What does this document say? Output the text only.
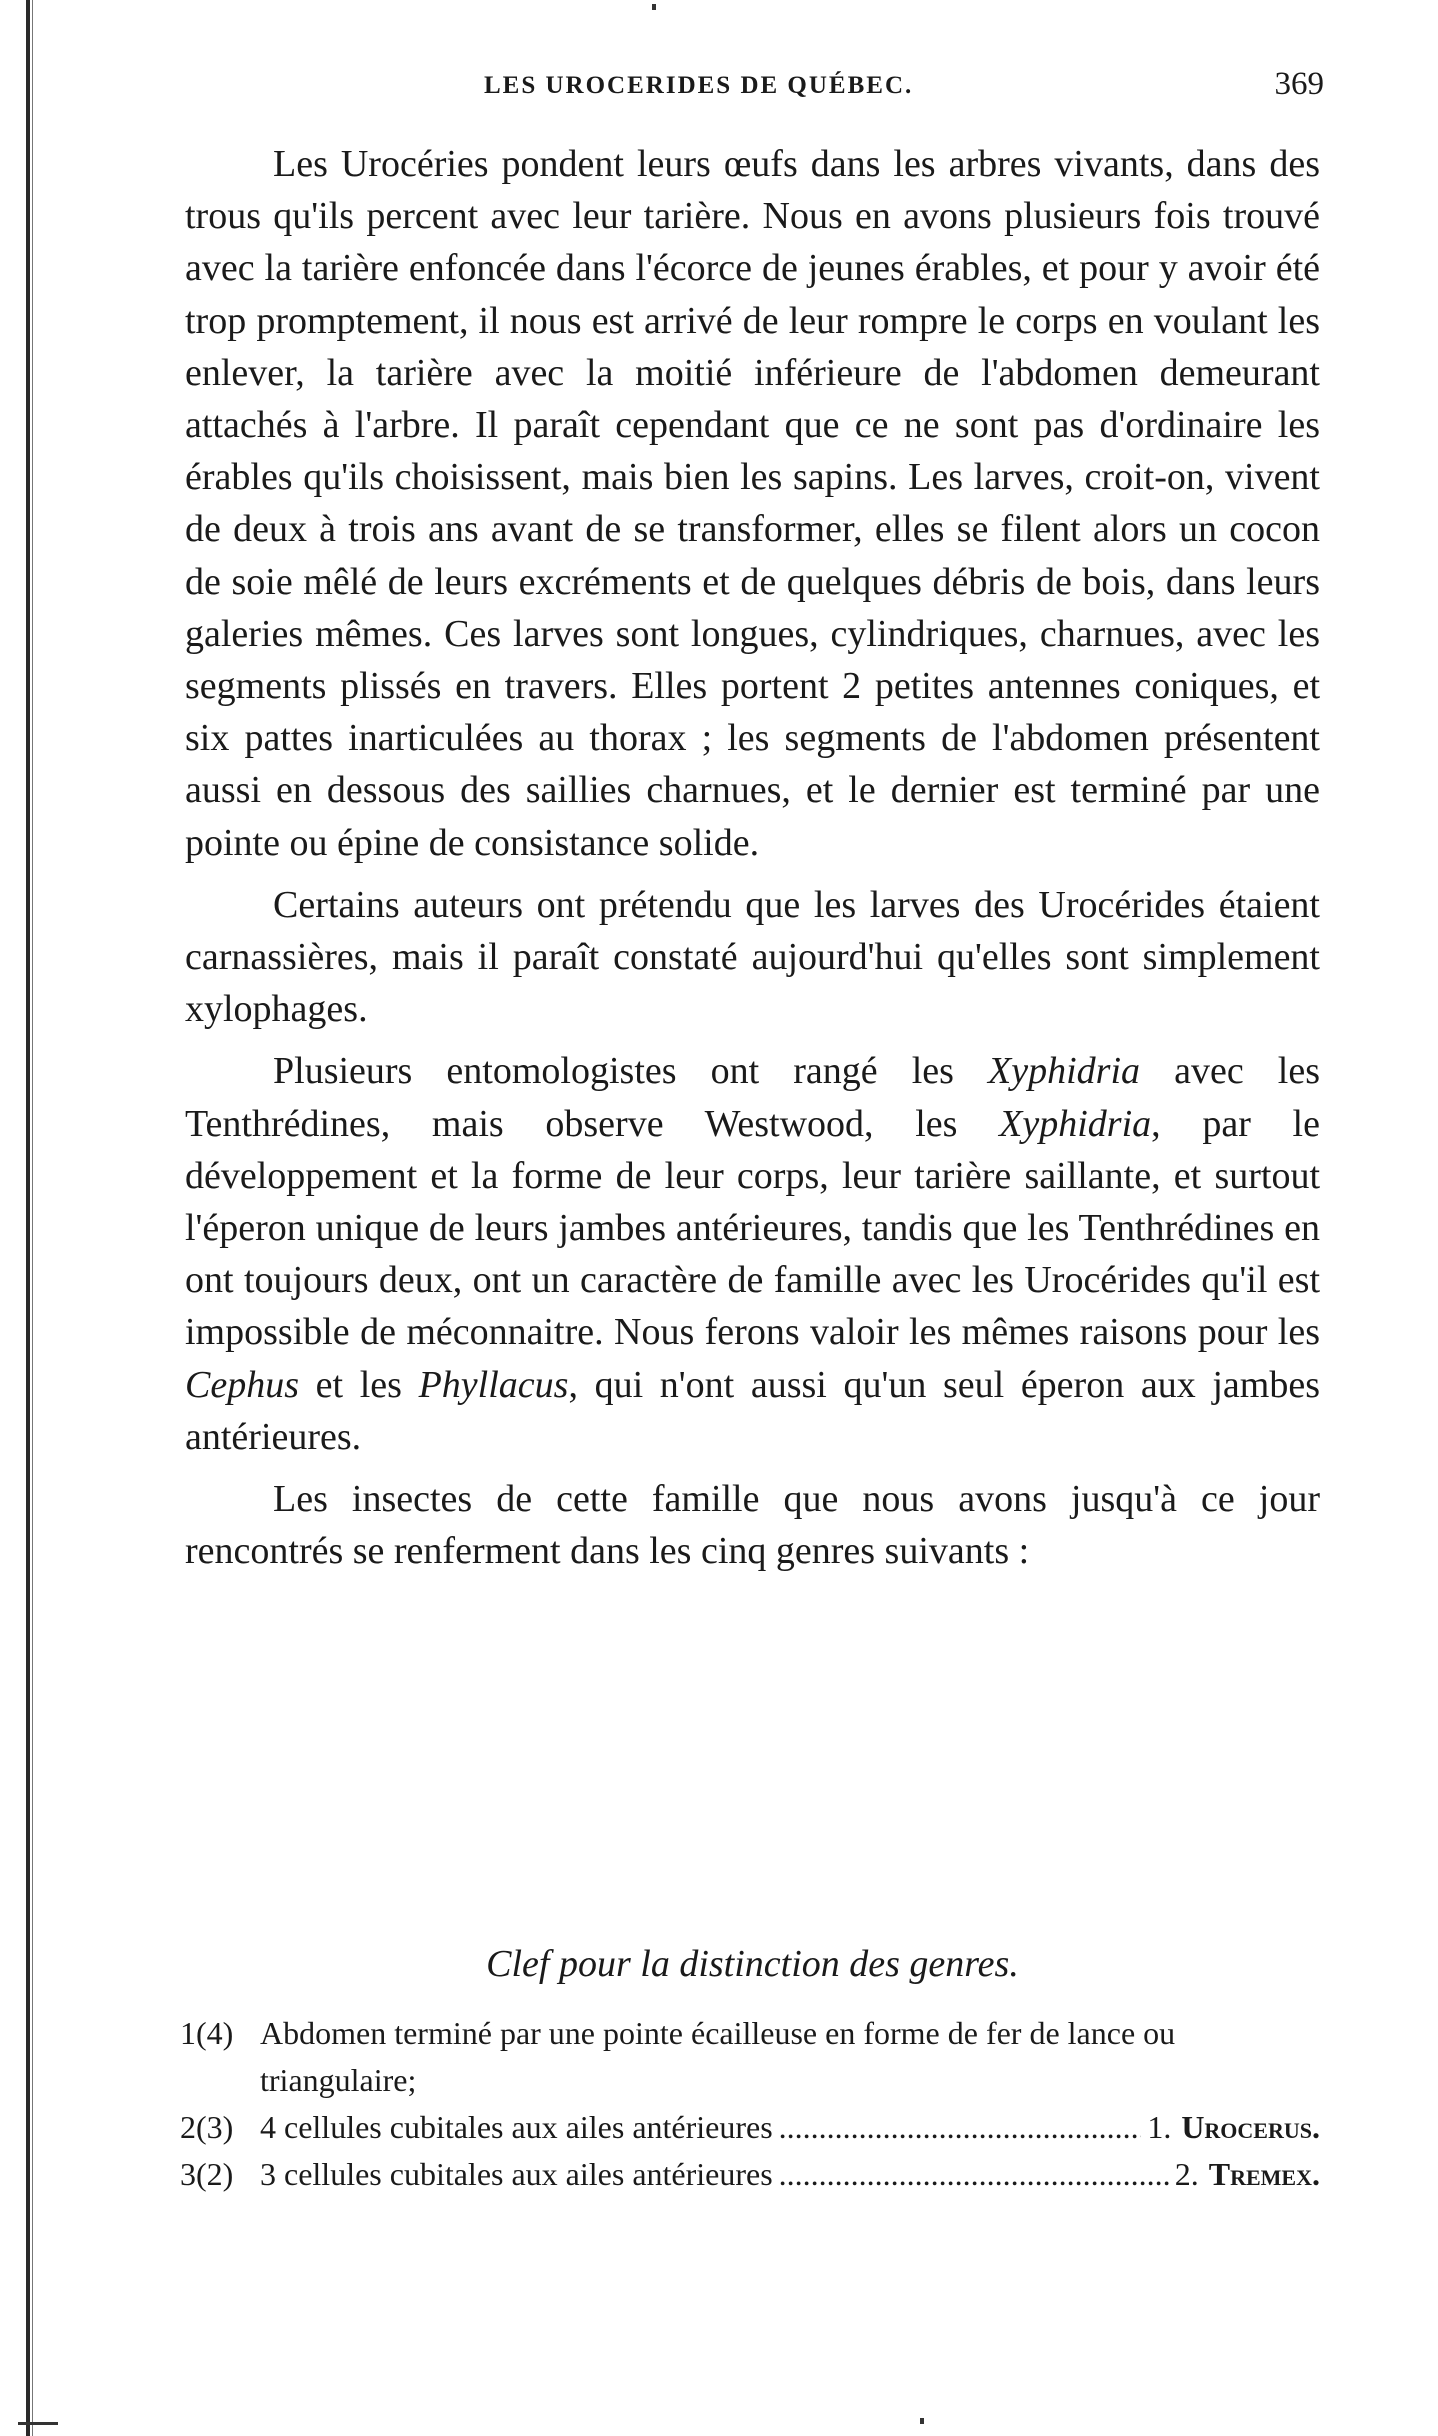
LES UROCERIDES DE QUÉBEC.	369

Les Urocéries pondent leurs œufs dans les arbres vivants, dans des trous qu'ils percent avec leur tarière. Nous en avons plusieurs fois trouvé avec la tarière enfoncée dans l'écorce de jeunes érables, et pour y avoir été trop promptement, il nous est arrivé de leur rompre le corps en voulant les enlever, la tarière avec la moitié inférieure de l'abdomen demeurant attachés à l'arbre. Il paraît cependant que ce ne sont pas d'ordinaire les érables qu'ils choisissent, mais bien les sapins. Les larves, croit-on, vivent de deux à trois ans avant de se transformer, elles se filent alors un cocon de soie mêlé de leurs excréments et de quelques débris de bois, dans leurs galeries mêmes. Ces larves sont longues, cylindriques, charnues, avec les segments plissés en travers. Elles portent 2 petites antennes coniques, et six pattes inarticulées au thorax ; les segments de l'abdomen présentent aussi en dessous des saillies charnues, et le dernier est terminé par une pointe ou épine de consistance solide.

Certains auteurs ont prétendu que les larves des Urocérides étaient carnassières, mais il paraît constaté aujourd'hui qu'elles sont simplement xylophages.

Plusieurs entomologistes ont rangé les Xyphidria avec les Tenthrédines, mais observe Westwood, les Xyphidria, par le développement et la forme de leur corps, leur tarière saillante, et surtout l'éperon unique de leurs jambes antérieures, tandis que les Tenthrédines en ont toujours deux, ont un caractère de famille avec les Urocérides qu'il est impossible de méconnaitre. Nous ferons valoir les mêmes raisons pour les Cephus et les Phyllacus, qui n'ont aussi qu'un seul éperon aux jambes antérieures.

Les insectes de cette famille que nous avons jusqu'à ce jour rencontrés se renferment dans les cinq genres suivants :

Clef pour la distinction des genres.
1(4) Abdomen terminé par une pointe écailleuse en forme de fer de lance ou triangulaire;
2(3) 4 cellules cubitales aux ailes antérieures .....	1. Urocerus.
3(2) 3 cellules cubitales aux ailes antérieures .....	2. Tremex.
